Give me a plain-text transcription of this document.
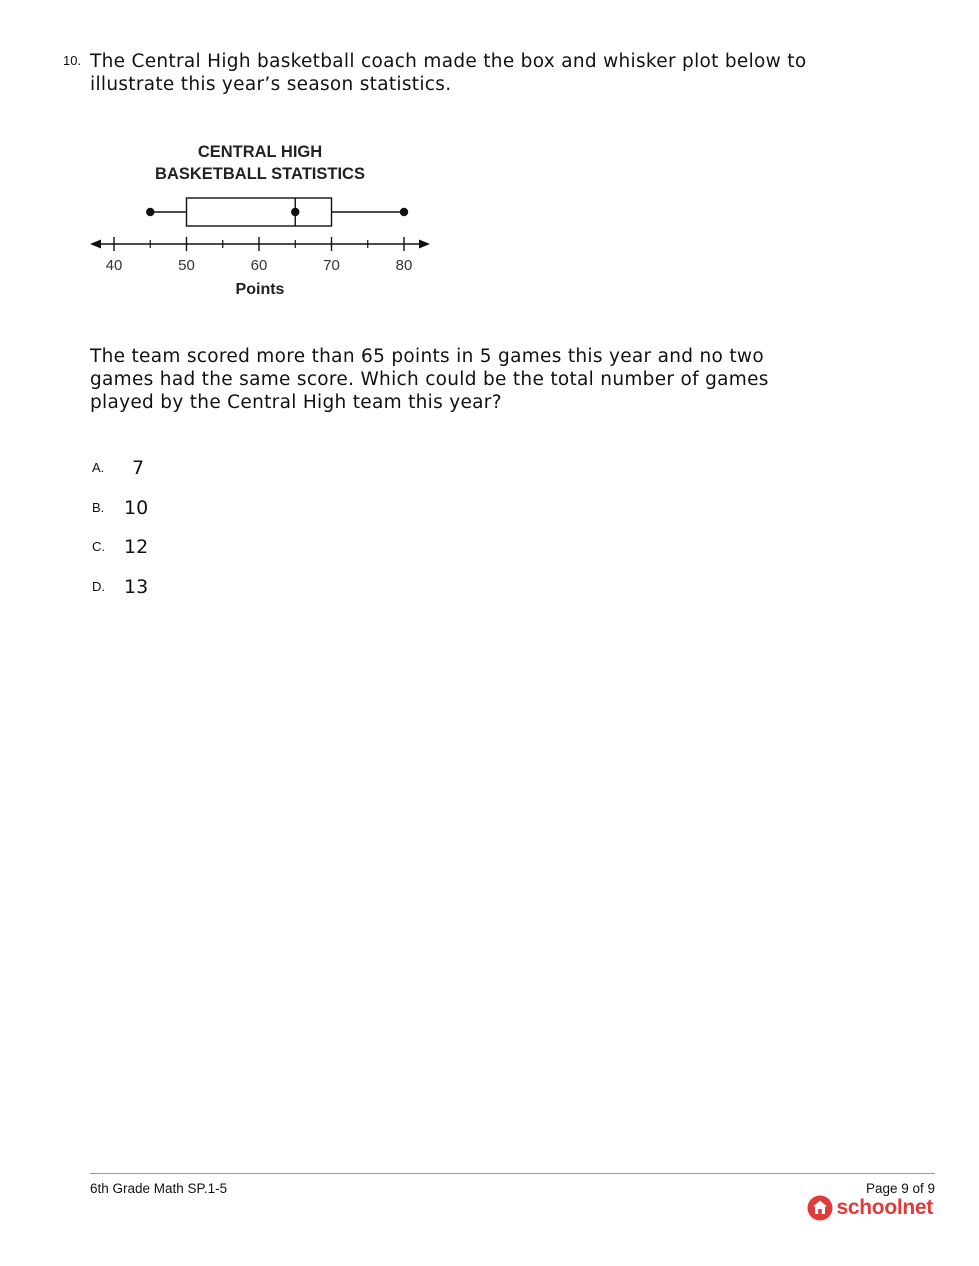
10. The Central High basketball coach made the box and whisker plot below to illustrate this year’s season statistics.
CENTRAL HIGH
BASKETBALL STATISTICS
40	50	60	70	80
Points
The team scored more than 65 points in 5 games this year and no two games had the same score. Which could be the total number of games played by the Central High team this year?
A. 7
B. 10
C. 12
D. 13
6th Grade Math SP.1-5	Page 9 of 9
schoolnet
